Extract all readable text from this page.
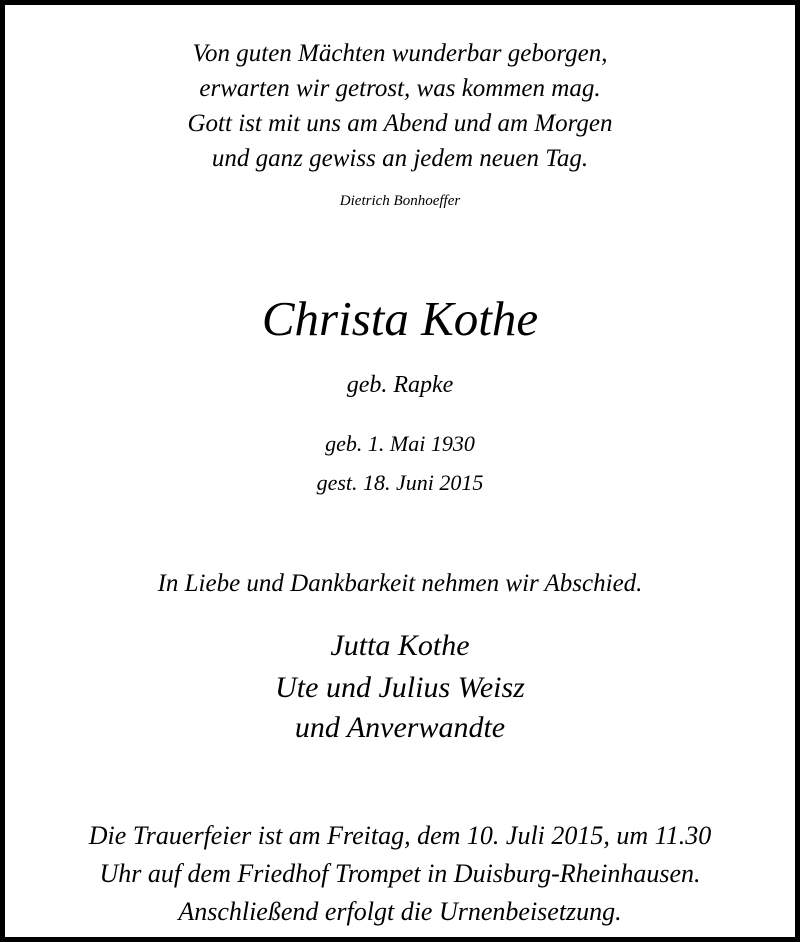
Von guten Mächten wunderbar geborgen,
erwarten wir getrost, was kommen mag.
Gott ist mit uns am Abend und am Morgen
und ganz gewiss an jedem neuen Tag.
Dietrich Bonhoeffer
Christa Kothe
geb. Rapke
geb. 1. Mai 1930
gest. 18. Juni 2015
In Liebe und Dankbarkeit nehmen wir Abschied.
Jutta Kothe
Ute und Julius Weisz
und Anverwandte
Die Trauerfeier ist am Freitag, dem 10. Juli 2015, um 11.30
Uhr auf dem Friedhof Trompet in Duisburg-Rheinhausen.
Anschließend erfolgt die Urnenbeisetzung.
